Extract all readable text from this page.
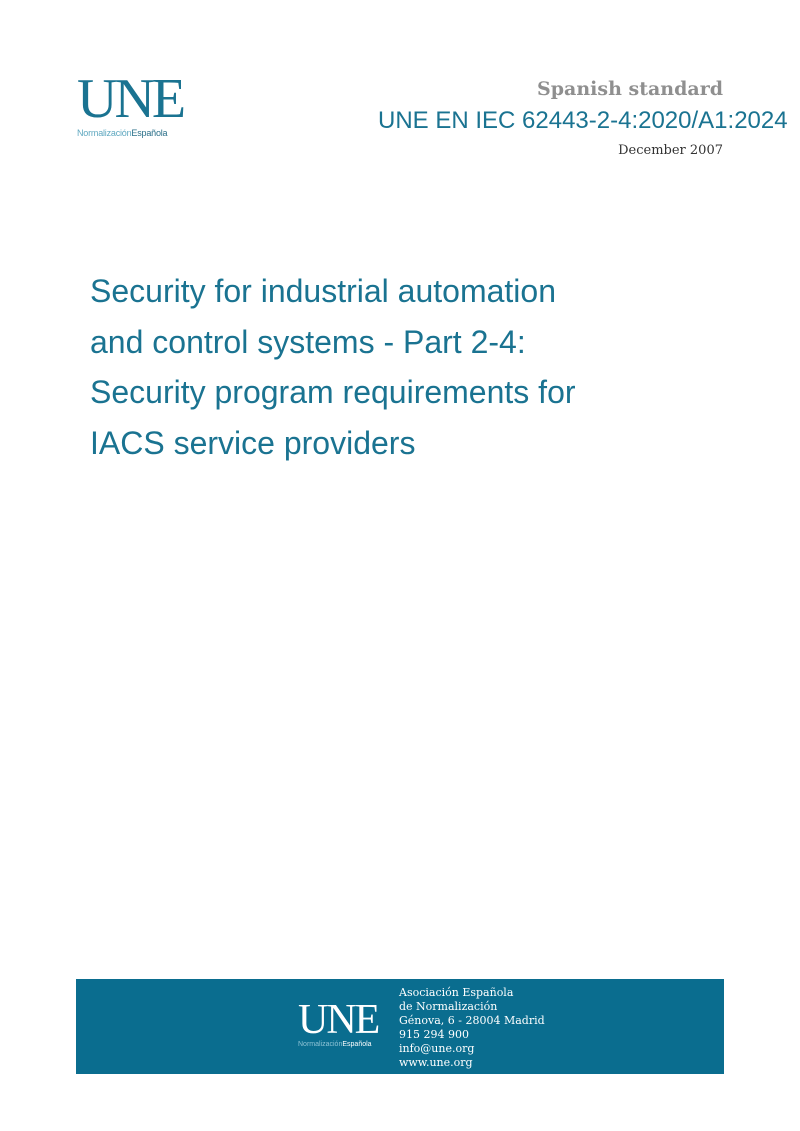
UNE
NormalizaciónEspañola
Spanish standard
UNE EN IEC 62443-2-4:2020/A1:2024
December 2007
Security for industrial automation
and control systems - Part 2-4:
Security program requirements for
IACS service providers
UNE
NormalizaciónEspañola
Asociación Española
de Normalización
Génova, 6 - 28004 Madrid
915 294 900
info@une.org
www.une.org
